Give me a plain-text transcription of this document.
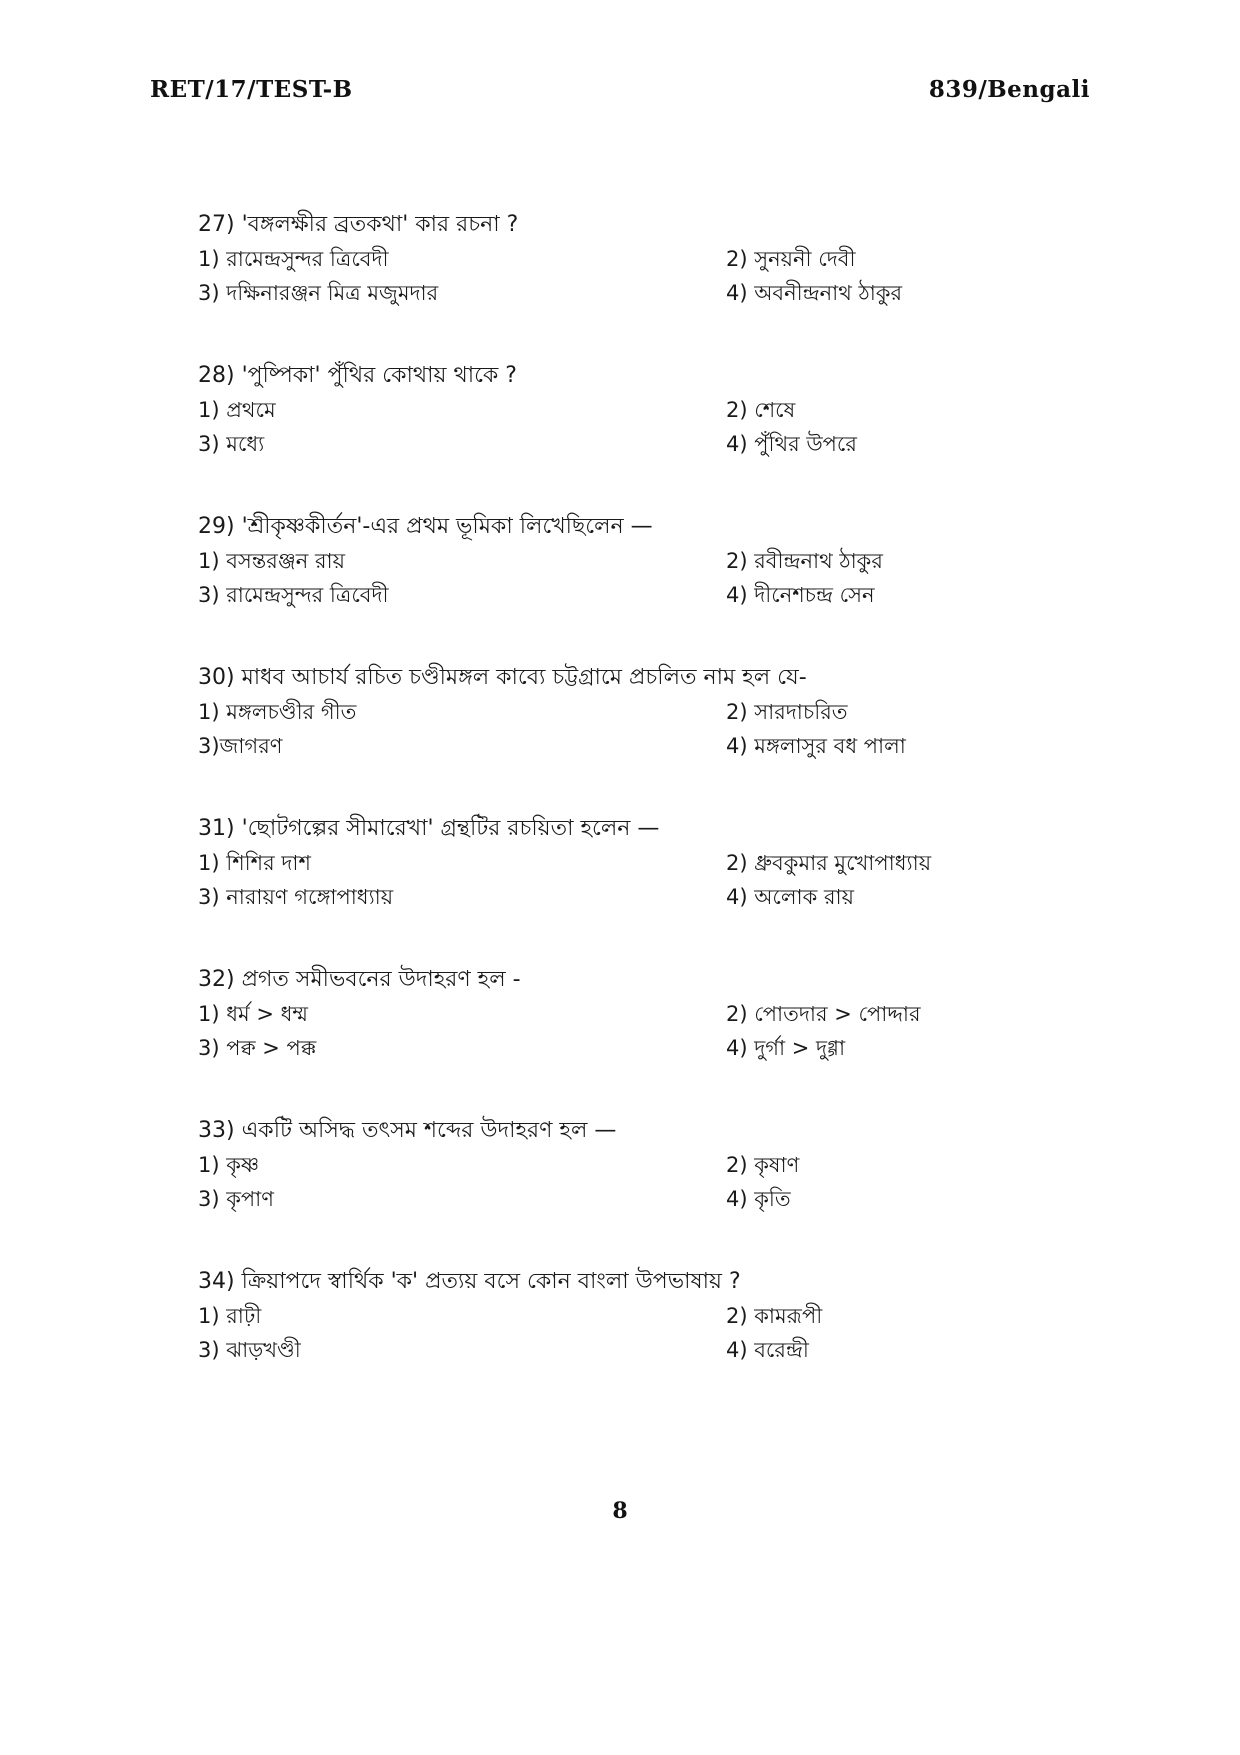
RET/17/TEST-B	839/Bengali
27) 'বঙ্গলক্ষীর ব্রতকথা' কার রচনা ?
1) রামেন্দ্রসুন্দর ত্রিবেদী	2) সুনয়নী দেবী
3) দক্ষিনারঞ্জন মিত্র মজুমদার	4) অবনীন্দ্রনাথ ঠাকুর
28) 'পুষ্পিকা' পুঁথির কোথায় থাকে ?
1) প্রথমে	2) শেষে
3) মধ্যে	4) পুঁথির উপরে
29) 'শ্রীকৃষ্ণকীর্তন'-এর প্রথম ভূমিকা লিখেছিলেন —
1) বসন্তরঞ্জন রায়	2) রবীন্দ্রনাথ ঠাকুর
3) রামেন্দ্রসুন্দর ত্রিবেদী	4) দীনেশচন্দ্র সেন
30) মাধব আচার্য রচিত চণ্ডীমঙ্গল কাব্যে চট্টগ্রামে প্রচলিত নাম হল যে-
1) মঙ্গলচণ্ডীর গীত	2) সারদাচরিত
3)জাগরণ	4) মঙ্গলাসুর বধ পালা
31) 'ছোটগল্পের সীমারেখা' গ্রন্থটির রচয়িতা হলেন —
1) শিশির দাশ	2) ধ্রুবকুমার মুখোপাধ্যায়
3) নারায়ণ গঙ্গোপাধ্যায়	4) অলোক রায়
32) প্রগত সমীভবনের উদাহরণ হল -
1) ধর্ম > ধম্ম	2) পোতদার > পোদ্দার
3) পক্ব > পক্ক	4) দুর্গা > দুগ্গা
33) একটি অসিদ্ধ তৎসম শব্দের উদাহরণ হল —
1) কৃষ্ণ	2) কৃষাণ
3) কৃপাণ	4) কৃতি
34) ক্রিয়াপদে স্বার্থিক 'ক' প্রত্যয় বসে কোন বাংলা উপভাষায় ?
1) রাঢ়ী	2) কামরূপী
3) ঝাড়খণ্ডী	4) বরেন্দ্রী
8
